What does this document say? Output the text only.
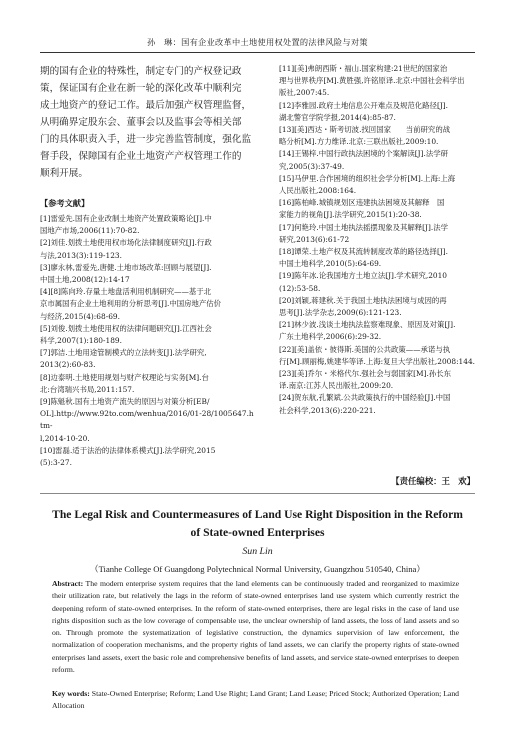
孙　琳：国有企业改革中土地使用权处置的法律风险与对策

期的国有企业的特殊性，制定专门的产权登记政
策，保证国有企业在新一轮的深化改革中顺利完
成土地资产的登记工作。最后加强产权管理监督，
从明确界定股东会、董事会以及监事会等相关部
门的具体职责入手，进一步完善监管制度，强化监
督手段，保障国有企业土地资产产权管理工作的
顺利开展。

【参考文献】

[1]雷爱先.国有企业改制土地资产处置政策略论[J].中
国地产市场,2006(11):70-82.

[2]刘佳.划拨土地使用权市场化法律制度研究[J].行政
与法,2013(3):119-123.

[3]廖永林,雷爱先,唐健.土地市场改革:回顾与展望[J].
中国土地,2008(12):14-17

[4][8]陈向玲.存量土地盘活利用机制研究——基于北
京市属国有企业土地利用的分析思考[J].中国房地产估价
与经济,2015(4):68-69.

[5]刘俊.划拨土地使用权的法律问题研究[J].江西社会
科学,2007(1):180-189.

[7]郭洁.土地用途管制模式的立法转变[J].法学研究,
2013(2):60-83.

[8]边泰明.土地使用规划与财产权理论与实务[M].台
北:台湾瑞兴书局,2011:157.

[9]陈魁秋.国有土地资产流失的原因与对策分析[EB/
OL].http://www.92to.com/wenhua/2016/01-28/1005647.htm-
l,2014-10-20.

[10]雷磊.适于法治的法律体系模式[J].法学研究,2015
(5):3-27.

[11][美]弗朗西斯・福山.国家构建:21世纪的国家治
理与世界秩序[M].黄胜强,许铭原译.北京:中国社会科学出
版社,2007:45.

[12]李雅园.政府土地信息公开难点及规范化路径[J].
湖北警官学院学报,2014(4):85-87.

[13][美]西达・斯考切波.找回国家　　当前研究的战
略分析[M].方力维译.北京:三联出版社,2009:10.

[14]王锡梓.中国行政执法困境的个案解读[J].法学研
究,2005(3):37-49.

[15]马伊里.合作困境的组织社会学分析[M].上海:上海
人民出版社,2008:164.

[16]陈柏峰.城镇规划区违建执法困境及其解释　国
家能力的视角[J].法学研究,2015(1):20-38.

[17]何艳玲.中国土地执法摇摆现象及其解释[J].法学
研究,2013(6):61-72

[18]谭荣.土地产权及其流转制度改革的路径选择[J].
中国土地科学,2010(5):64-69.

[19]陈年冰.论我国地方土地立法[J].学术研究,2010
(12):53-58.

[20]刘颖,蒋建秋.关于我国土地执法困境与成因的再
思考[J].法学杂志,2009(6):121-123.

[21]林少波.浅谈土地执法监察难现象、原因及对策[J].
广东土地科学,2006(6):29-32.

[22][美]盖依・彼得斯.美国的公共政策——承诺与执
行[M].顾丽梅,姚建华等译.上海:复旦大学出版社,2008:144.

[23][美]乔尔・米格代尔.强社会与弱国家[M].孙长东
译.南京:江苏人民出版社,2009:20.

[24]贺东航,孔繁斌.公共政策执行的中国经验[J].中国
社会科学,2013(6):220-221.

【责任编校：王　欢】
The Legal Risk and Countermeasures of Land Use Right Disposition in the Reform
of State-owned Enterprises
Sun Lin
（Tianhe College Of Guangdong Polytechnical Normal University, Guangzhou 510540, China）

Abstract: The modern enterprise system requires that the land elements can be continuously traded and reorganized to maximize their utilization rate, but relatively the lags in the reform of state-owned enterprises land use system which currently restrict the deepening reform of state-owned enterprises. In the reform of state-owned enterprises, there are legal risks in the case of land use rights disposition such as the low coverage of compensable use, the unclear ownership of land assets, the loss of land assets and so on. Through promote the systematization of legislative construction, the dynamics supervision of law enforcement, the normalization of cooperation mechanisms, and the property rights of land assets, we can clarify the property rights of state-owned enterprises land assets, exert the basic role and comprehensive benefits of land assets, and service state-owned enterprises to deepen reform.

Key words: State-Owned Enterprise; Reform; Land Use Right; Land Grant; Land Lease; Priced Stock; Authorized Operation; Land Allocation
